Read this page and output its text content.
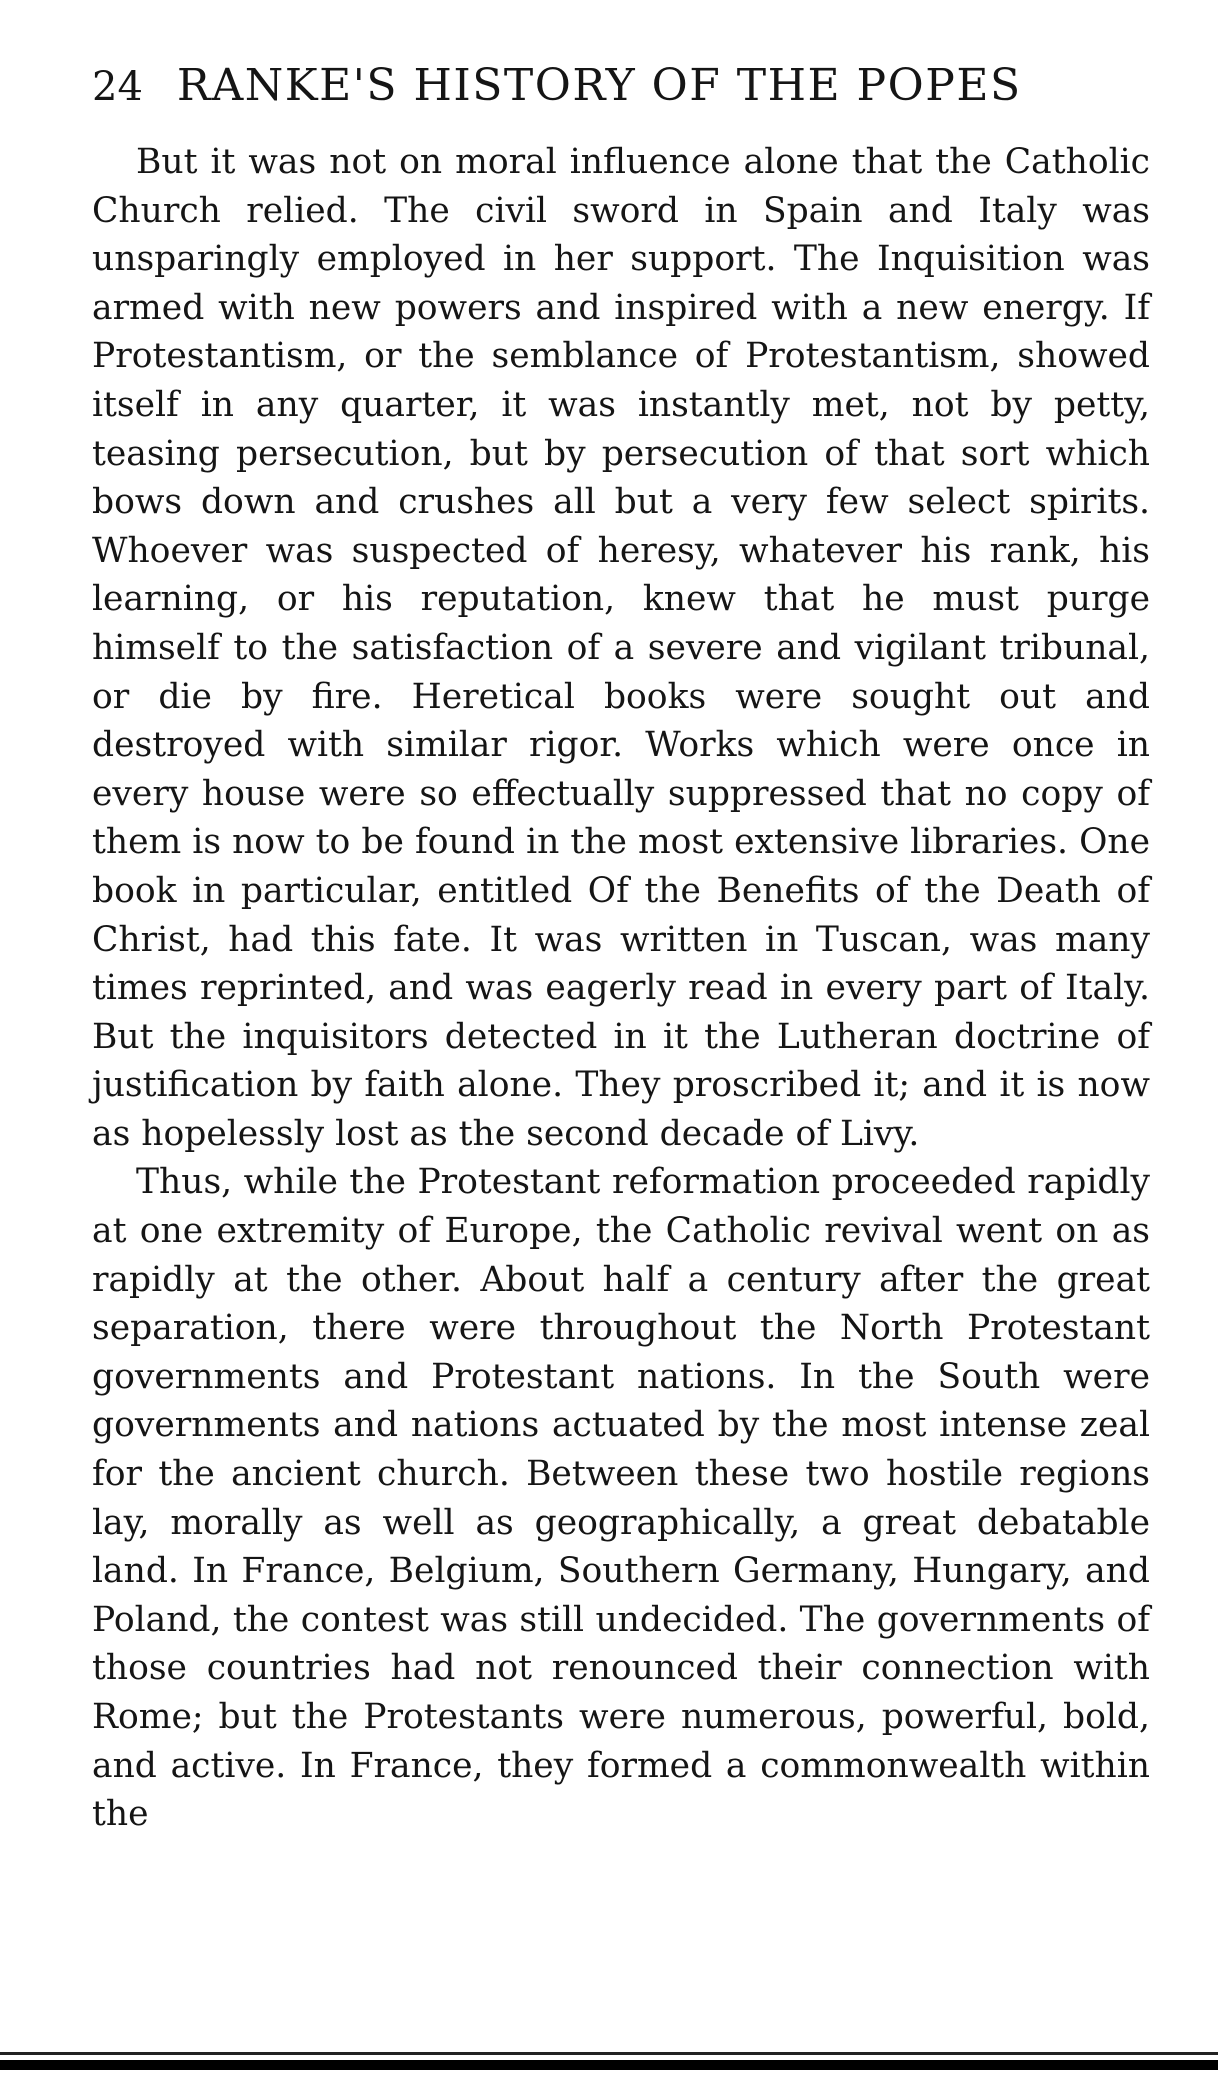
24 RANKE'S HISTORY OF THE POPES

But it was not on moral influence alone that the Catholic Church relied. The civil sword in Spain and Italy was unsparingly employed in her support. The Inquisition was armed with new powers and inspired with a new energy. If Protestantism, or the semblance of Protestantism, showed itself in any quarter, it was instantly met, not by petty, teasing persecution, but by persecution of that sort which bows down and crushes all but a very few select spirits. Whoever was suspected of heresy, whatever his rank, his learning, or his reputation, knew that he must purge himself to the satisfaction of a severe and vigilant tribunal, or die by fire. Heretical books were sought out and destroyed with similar rigor. Works which were once in every house were so effectually suppressed that no copy of them is now to be found in the most extensive libraries. One book in particular, entitled Of the Benefits of the Death of Christ, had this fate. It was written in Tuscan, was many times reprinted, and was eagerly read in every part of Italy. But the inquisitors detected in it the Lutheran doctrine of justification by faith alone. They proscribed it; and it is now as hopelessly lost as the second decade of Livy.

Thus, while the Protestant reformation proceeded rapidly at one extremity of Europe, the Catholic revival went on as rapidly at the other. About half a century after the great separation, there were throughout the North Protestant governments and Protestant nations. In the South were governments and nations actuated by the most intense zeal for the ancient church. Between these two hostile regions lay, morally as well as geographically, a great debatable land. In France, Belgium, Southern Germany, Hungary, and Poland, the contest was still undecided. The governments of those countries had not renounced their connection with Rome; but the Protestants were numerous, powerful, bold, and active. In France, they formed a commonwealth within the
